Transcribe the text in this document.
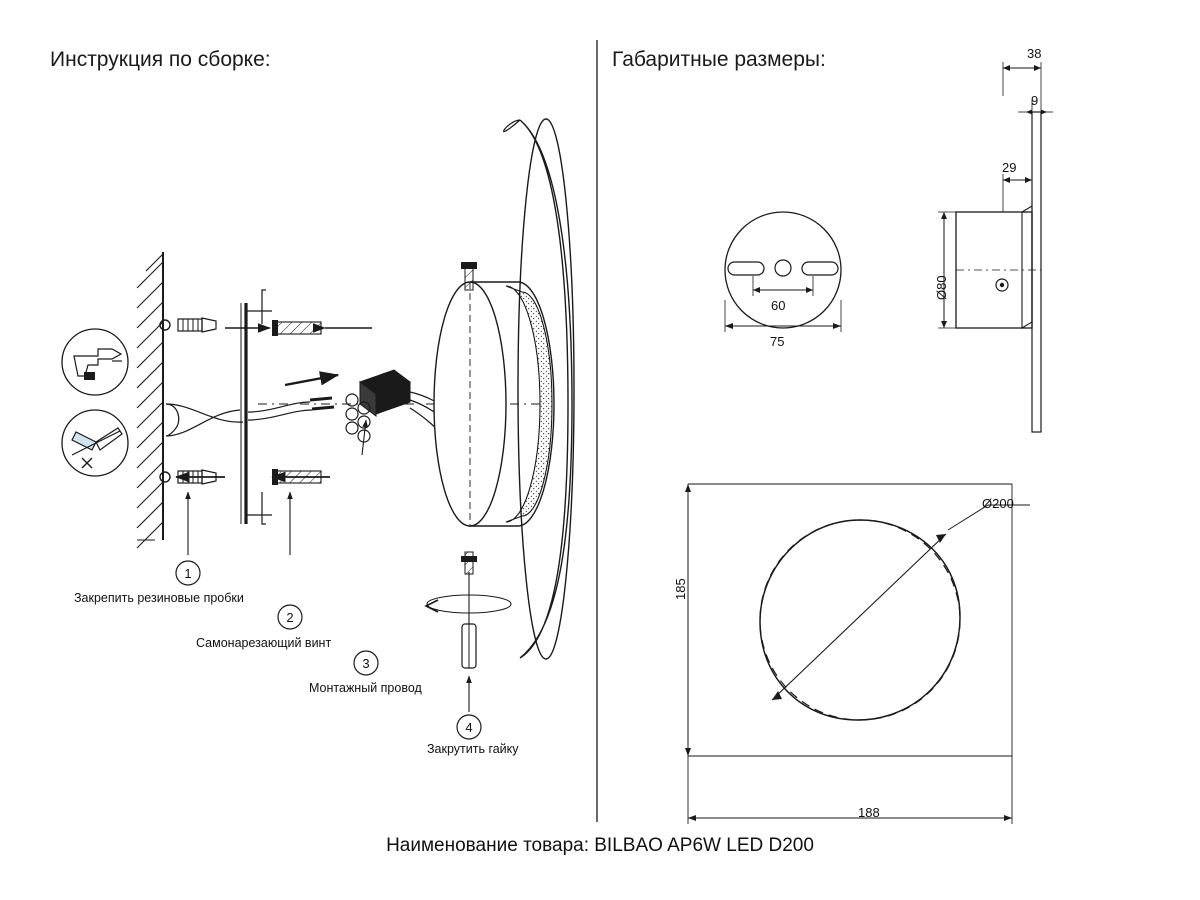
1
2
3
4
Инструкция по сборке:	Габаритные размеры:
Закрепить резиновые пробки
Самонарезающий винт
Монтажный провод
Закрутить гайку
38
9
29
60
75
Ø80
Ø200
185
188
Наименование товара: BILBAO AP6W LED D200
